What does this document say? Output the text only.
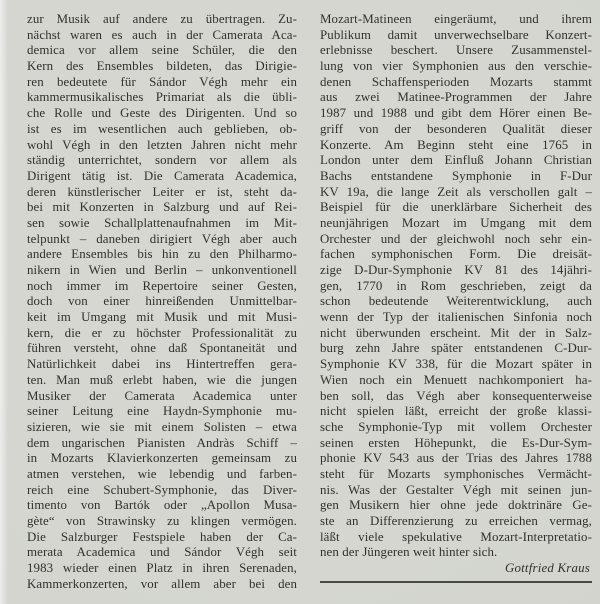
zur Musik auf andere zu übertragen. Zu-
nächst waren es auch in der Camerata Aca-
demica vor allem seine Schüler, die den
Kern des Ensembles bildeten, das Dirigie-
ren bedeutete für Sándor Végh mehr ein
kammermusikalisches Primariat als die übli-
che Rolle und Geste des Dirigenten. Und so
ist es im wesentlichen auch geblieben, ob-
wohl Végh in den letzten Jahren nicht mehr
ständig unterrichtet, sondern vor allem als
Dirigent tätig ist. Die Camerata Academica,
deren künstlerischer Leiter er ist, steht da-
bei mit Konzerten in Salzburg und auf Rei-
sen sowie Schallplattenaufnahmen im Mit-
telpunkt – daneben dirigiert Végh aber auch
andere Ensembles bis hin zu den Philharmo-
nikern in Wien und Berlin – unkonventionell
noch immer im Repertoire seiner Gesten,
doch von einer hinreißenden Unmittelbar-
keit im Umgang mit Musik und mit Musi-
kern, die er zu höchster Professionalität zu
führen versteht, ohne daß Spontaneität und
Natürlichkeit dabei ins Hintertreffen gera-
ten. Man muß erlebt haben, wie die jungen
Musiker der Camerata Academica unter
seiner Leitung eine Haydn-Symphonie mu-
sizieren, wie sie mit einem Solisten – etwa
dem ungarischen Pianisten Andràs Schiff –
in Mozarts Klavierkonzerten gemeinsam zu
atmen verstehen, wie lebendig und farben-
reich eine Schubert-Symphonie, das Diver-
timento von Bartók oder „Apollon Musa-
gète“ von Strawinsky zu klingen vermögen.
Die Salzburger Festspiele haben der Ca-
merata Academica und Sándor Végh seit
1983 wieder einen Platz in ihren Serenaden,
Kammerkonzerten, vor allem aber bei den
Mozart-Matineen eingeräumt, und ihrem
Publikum damit unverwechselbare Konzert-
erlebnisse beschert. Unsere Zusammenstel-
lung von vier Symphonien aus den verschie-
denen Schaffensperioden Mozarts stammt
aus zwei Matinee-Programmen der Jahre
1987 und 1988 und gibt dem Hörer einen Be-
griff von der besonderen Qualität dieser
Konzerte. Am Beginn steht eine 1765 in
London unter dem Einfluß Johann Christian
Bachs entstandene Symphonie in F-Dur
KV 19a, die lange Zeit als verschollen galt –
Beispiel für die unerklärbare Sicherheit des
neunjährigen Mozart im Umgang mit dem
Orchester und der gleichwohl noch sehr ein-
fachen symphonischen Form. Die dreisät-
zige D-Dur-Symphonie KV 81 des 14jähri-
gen, 1770 in Rom geschrieben, zeigt da
schon bedeutende Weiterentwicklung, auch
wenn der Typ der italienischen Sinfonia noch
nicht überwunden erscheint. Mit der in Salz-
burg zehn Jahre später entstandenen C-Dur-
Symphonie KV 338, für die Mozart später in
Wien noch ein Menuett nachkomponiert ha-
ben soll, das Végh aber konsequenterweise
nicht spielen läßt, erreicht der große klassi-
sche Symphonie-Typ mit vollem Orchester
seinen ersten Höhepunkt, die Es-Dur-Sym-
phonie KV 543 aus der Trias des Jahres 1788
steht für Mozarts symphonisches Vermächt-
nis. Was der Gestalter Végh mit seinen jun-
gen Musikern hier ohne jede doktrinäre Ge-
ste an Differenzierung zu erreichen vermag,
läßt viele spekulative Mozart-Interpretatio-
nen der Jüngeren weit hinter sich.
Gottfried Kraus
